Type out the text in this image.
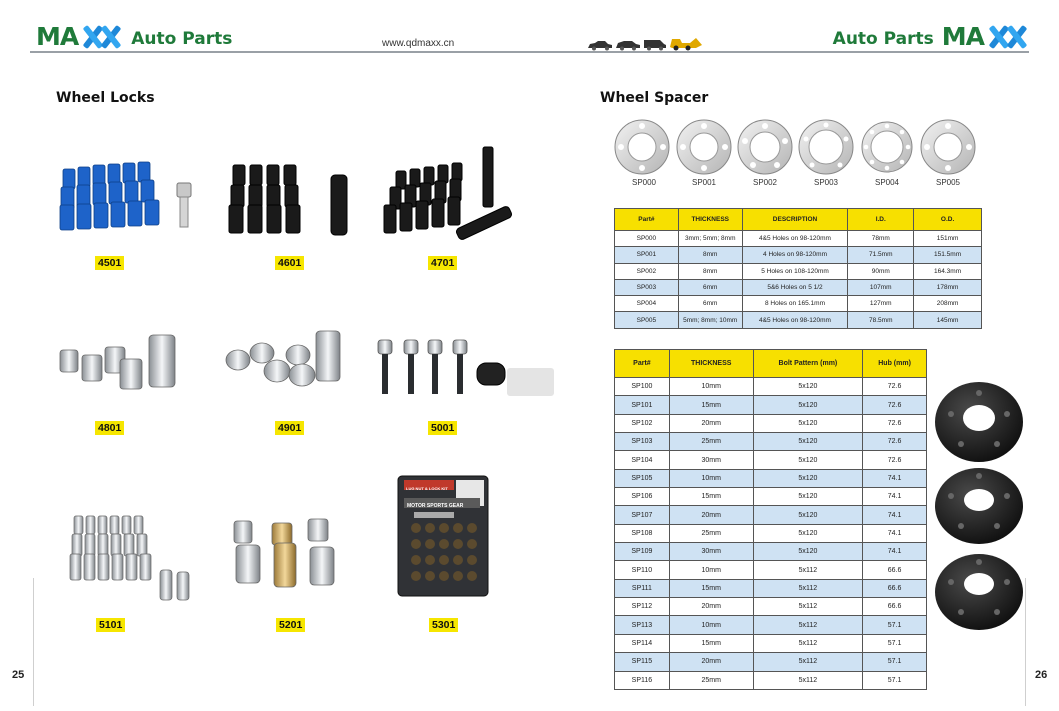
MA	Auto Parts	www.qdmaxx.cn	Auto Parts MA
Wheel Locks
4501	4601	4701
4801	4901	5001
5101	5201
LUG NUT & LOCK KIT
MOTOR SPORTS GEAR
5301
25
Wheel Spacer
SP000	SP001	SP002	SP003	SP004	SP005
Part#	THICKNESS	DESCRIPTION	I.D.	O.D.
SP000	3mm; 5mm; 8mm	4&5 Holes on 98-120mm	78mm	151mm
SP001	8mm	4 Holes on 98-120mm	71.5mm	151.5mm
SP002	8mm	5 Holes on 108-120mm	90mm	164.3mm
SP003	6mm	5&6 Holes on 5 1/2	107mm	178mm
SP004	6mm	8 Holes on 165.1mm	127mm	208mm
SP005	5mm; 8mm; 10mm	4&5 Holes on 98-120mm	78.5mm	145mm
Part#	THICKNESS	Bolt Pattern (mm)	Hub (mm)
SP100	10mm	5x120	72.6
SP101	15mm	5x120	72.6
SP102	20mm	5x120	72.6
SP103	25mm	5x120	72.6
SP104	30mm	5x120	72.6
SP105	10mm	5x120	74.1
SP106	15mm	5x120	74.1
SP107	20mm	5x120	74.1
SP108	25mm	5x120	74.1
SP109	30mm	5x120	74.1
SP110	10mm	5x112	66.6
SP111	15mm	5x112	66.6
SP112	20mm	5x112	66.6
SP113	10mm	5x112	57.1
SP114	15mm	5x112	57.1
SP115	20mm	5x112	57.1
SP116	25mm	5x112	57.1	26
